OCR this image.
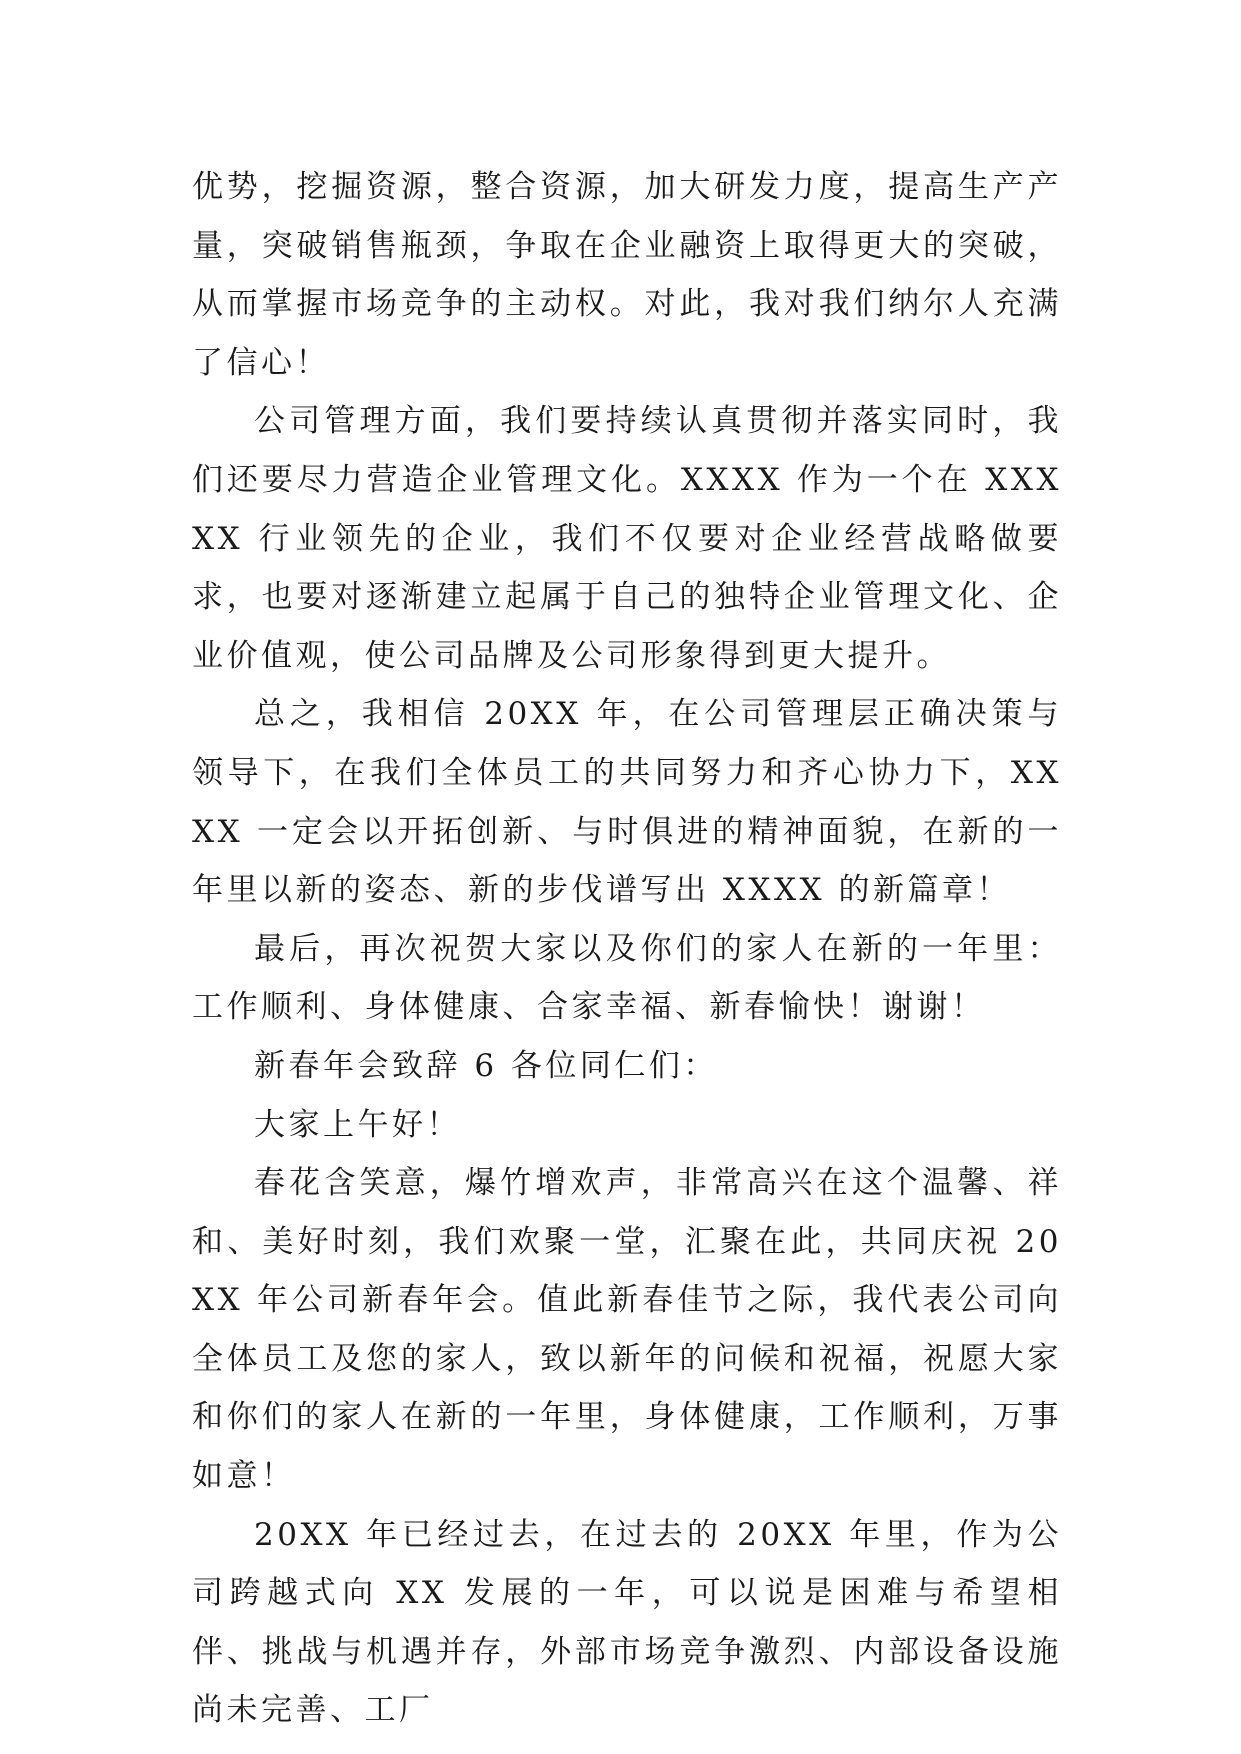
优势，挖掘资源，整合资源，加大研发力度，提高生产产量，突破销售瓶颈，争取在企业融资上取得更大的突破，从而掌握市场竞争的主动权。对此，我对我们纳尔人充满了信心！

公司管理方面，我们要持续认真贯彻并落实同时，我们还要尽力营造企业管理文化。XXXX 作为一个在 XXXXX 行业领先的企业，我们不仅要对企业经营战略做要求，也要对逐渐建立起属于自己的独特企业管理文化、企业价值观，使公司品牌及公司形象得到更大提升。

总之，我相信 20XX 年，在公司管理层正确决策与领导下，在我们全体员工的共同努力和齐心协力下，XXXX 一定会以开拓创新、与时俱进的精神面貌，在新的一年里以新的姿态、新的步伐谱写出 XXXX 的新篇章！

最后，再次祝贺大家以及你们的家人在新的一年里：工作顺利、身体健康、合家幸福、新春愉快！谢谢！

新春年会致辞 6 各位同仁们：

大家上午好！

春花含笑意，爆竹增欢声，非常高兴在这个温馨、祥和、美好时刻，我们欢聚一堂，汇聚在此，共同庆祝 20XX 年公司新春年会。值此新春佳节之际，我代表公司向全体员工及您的家人，致以新年的问候和祝福，祝愿大家和你们的家人在新的一年里，身体健康，工作顺利，万事如意！

20XX 年已经过去，在过去的 20XX 年里，作为公司跨越式向 XX 发展的一年，可以说是困难与希望相伴、挑战与机遇并存，外部市场竞争激烈、内部设备设施尚未完善、工厂
